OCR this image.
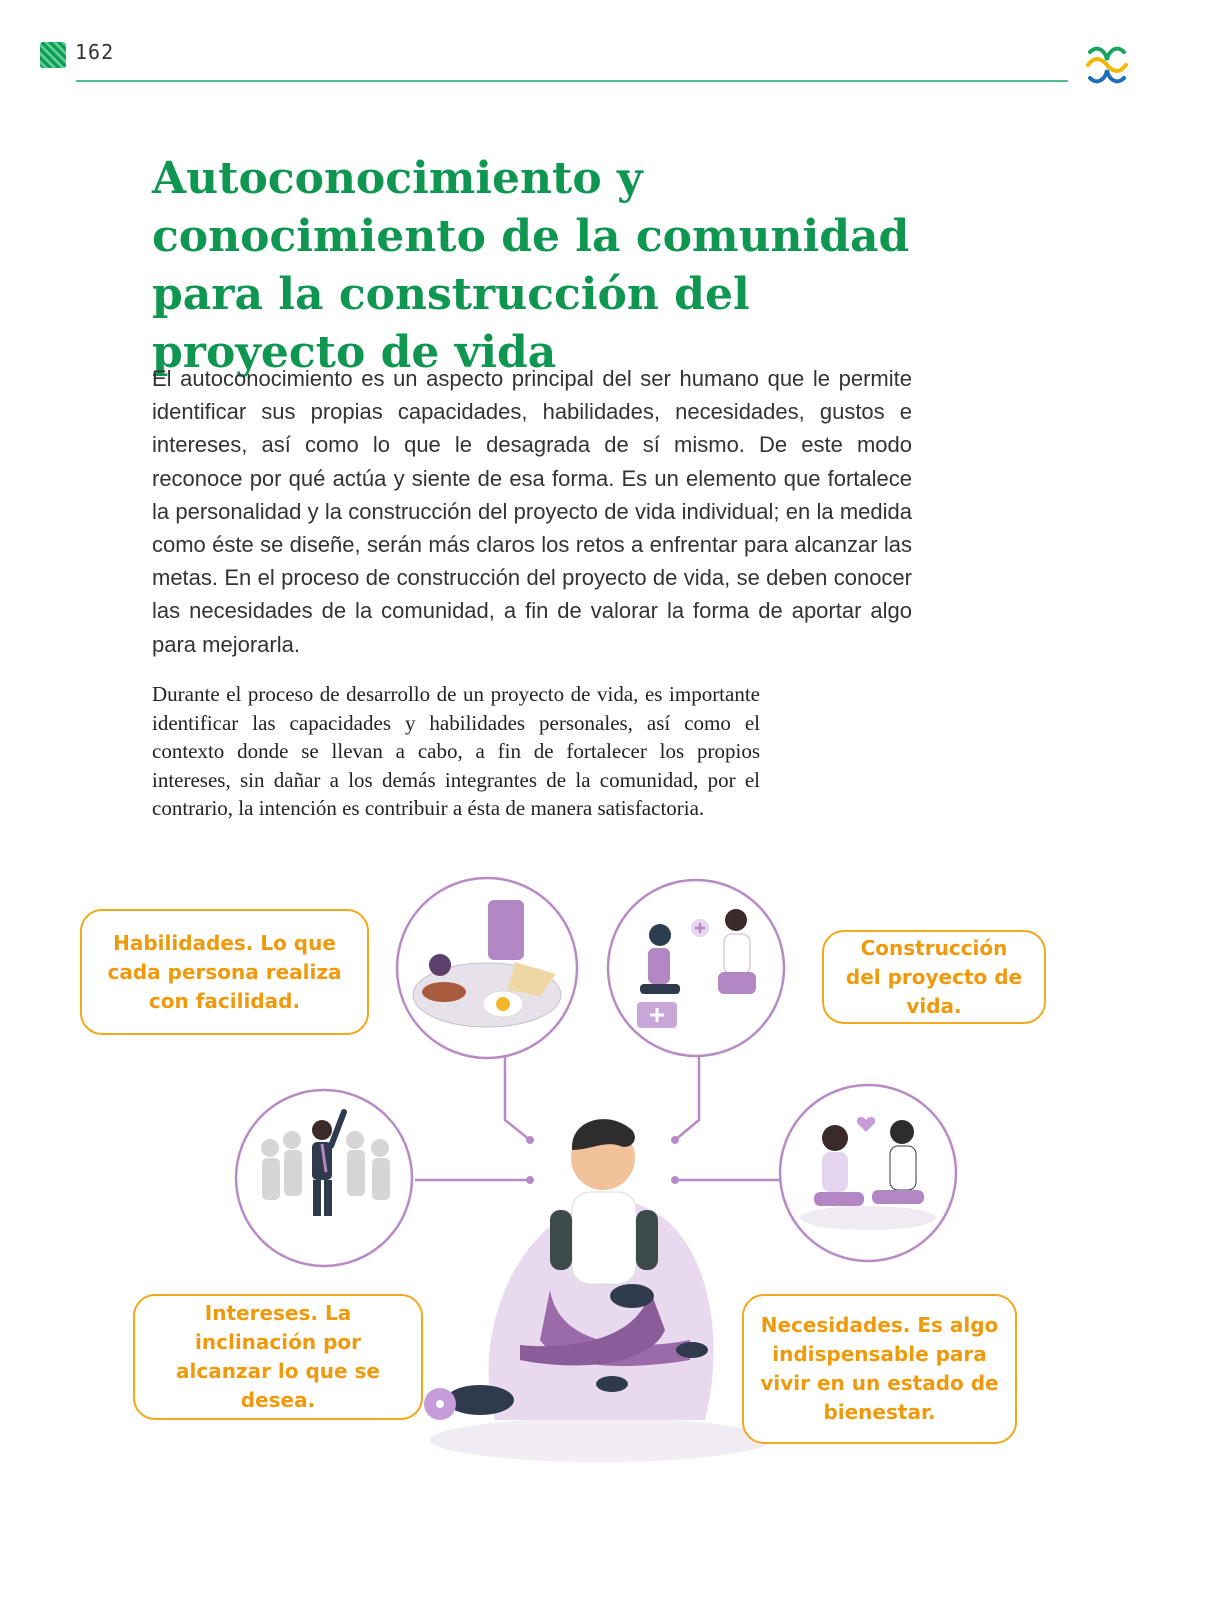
162
Autoconocimiento y conocimiento de la comunidad para la construcción del proyecto de vida

El autoconocimiento es un aspecto principal del ser humano que le permite identificar sus propias capacidades, habilidades, necesidades, gustos e intereses, así como lo que le desagrada de sí mismo. De este modo reconoce por qué actúa y siente de esa forma. Es un elemento que fortalece la personalidad y la construcción del proyecto de vida individual; en la medida como éste se diseñe, serán más claros los retos a enfrentar para alcanzar las metas. En el proceso de construcción del proyecto de vida, se deben conocer las necesidades de la comunidad, a fin de valorar la forma de aportar algo para mejorarla.

Durante el proceso de desarrollo de un proyecto de vida, es importante identificar las capacidades y habilidades personales, así como el contexto donde se llevan a cabo, a fin de fortalecer los propios intereses, sin dañar a los demás integrantes de la comunidad, por el contrario, la intención es contribuir a ésta de manera satisfactoria.

Habilidades. Lo que cada persona realiza con facilidad.
Construcción del proyecto de vida.
Intereses. La inclinación por alcanzar lo que se desea.
Necesidades. Es algo indispensable para vivir en un estado de bienestar.
